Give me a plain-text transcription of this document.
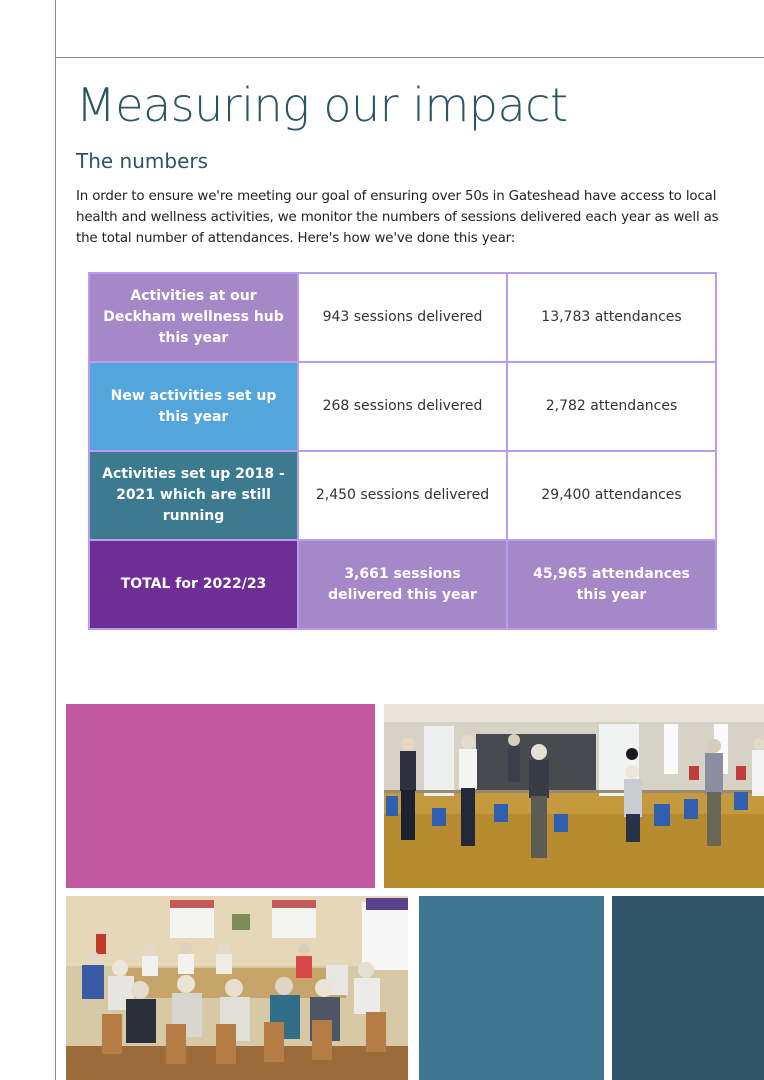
Measuring our impact
The numbers

In order to ensure we're meeting our goal of ensuring over 50s in Gateshead have access to local health and wellness activities, we monitor the numbers of sessions delivered each year as well as the total number of attendances. Here's how we've done this year:

Activities at our Deckham wellness hub this year	943 sessions delivered	13,783 attendances
New activities set up this year	268 sessions delivered	2,782 attendances
Activities set up 2018 - 2021 which are still running	2,450 sessions delivered	29,400 attendances
TOTAL for 2022/23	3,661 sessions delivered this year	45,965 attendances this year
